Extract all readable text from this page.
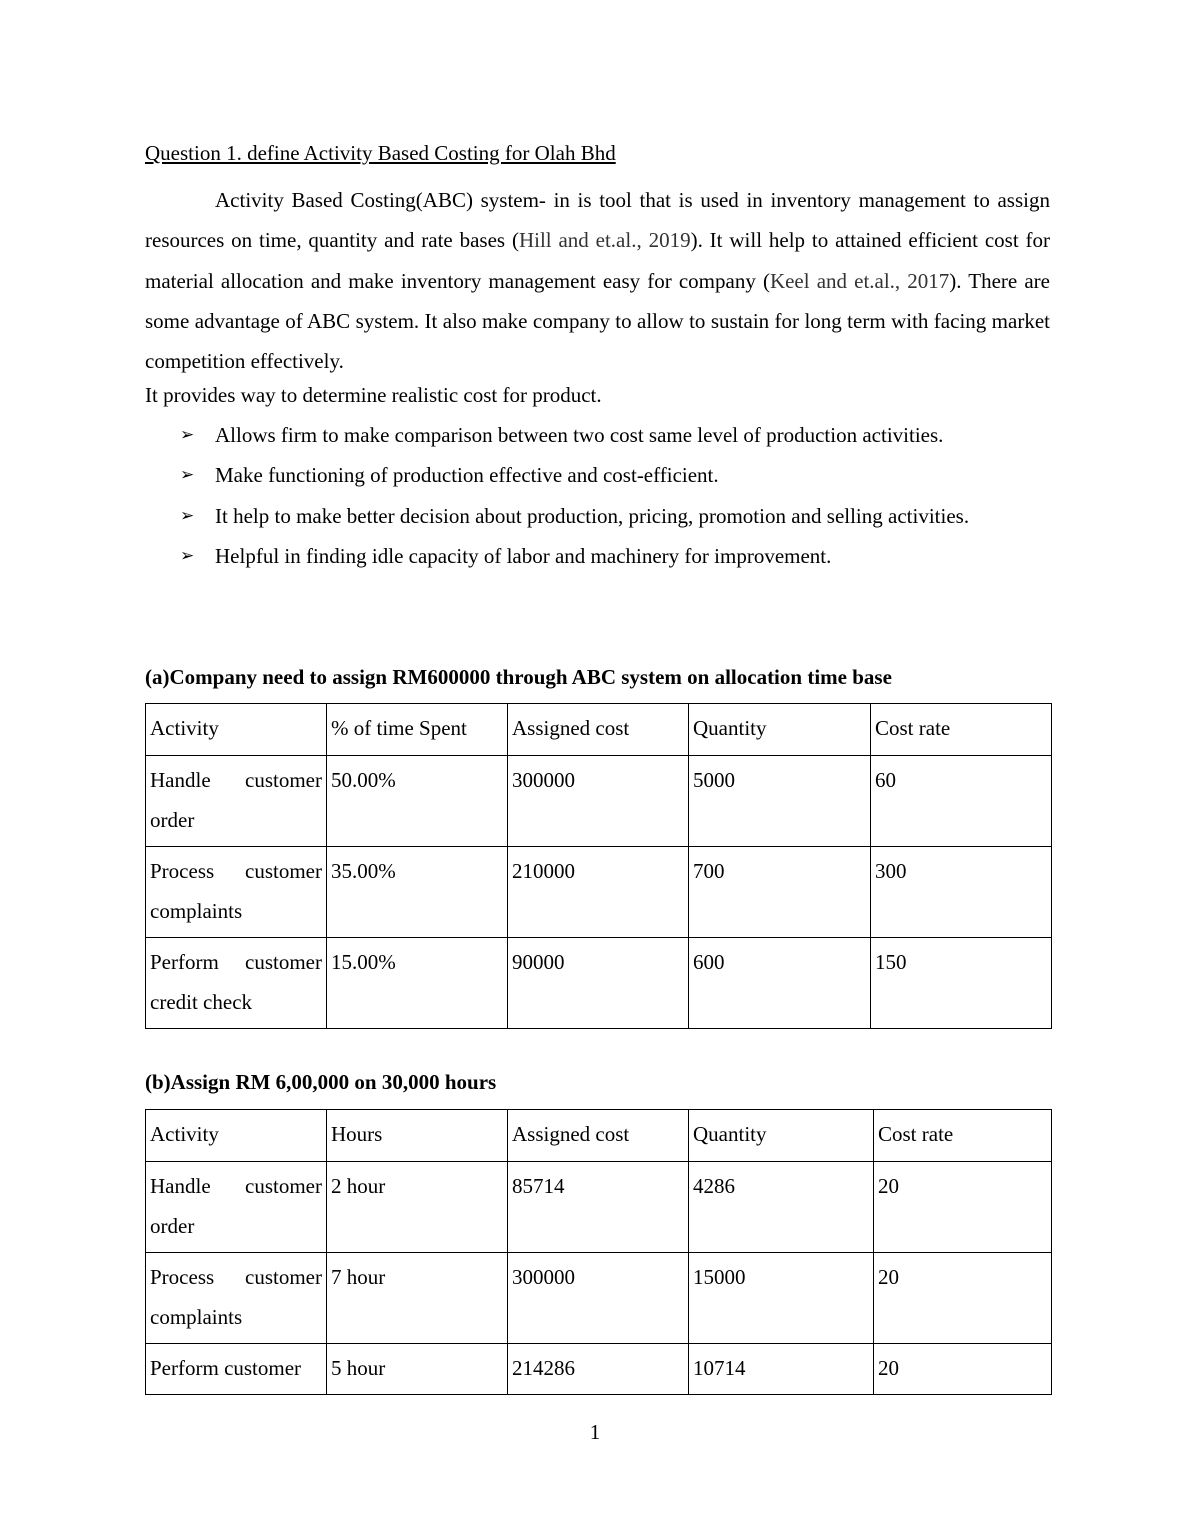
Question 1. define Activity Based Costing for Olah Bhd
Activity Based Costing(ABC) system- in is tool that is used in inventory management to assign resources on time, quantity and rate bases (Hill and et.al., 2019). It will help to attained efficient cost for material allocation and make inventory management easy for company (Keel and et.al., 2017). There are some advantage of ABC system. It also make company to allow to sustain for long term with facing market competition effectively.
It provides way to determine realistic cost for product.
➢ Allows firm to make comparison between two cost same level of production activities.
➢ Make functioning of production effective and cost-efficient.
➢ It help to make better decision about production, pricing, promotion and selling activities.
➢ Helpful in finding idle capacity of labor and machinery for improvement.
(a)Company need to assign RM600000 through ABC system on allocation time base
Activity	% of time Spent	Assigned cost	Quantity	Cost rate
Handle customer order	50.00%	300000	5000	60
Process customer complaints	35.00%	210000	700	300
Perform customer credit check	15.00%	90000	600	150
(b)Assign RM 6,00,000 on 30,000 hours
Activity	Hours	Assigned cost	Quantity	Cost rate
Handle customer order	2 hour	85714	4286	20
Process customer complaints	7 hour	300000	15000	20
Perform customer	5 hour	214286	10714	20
1
